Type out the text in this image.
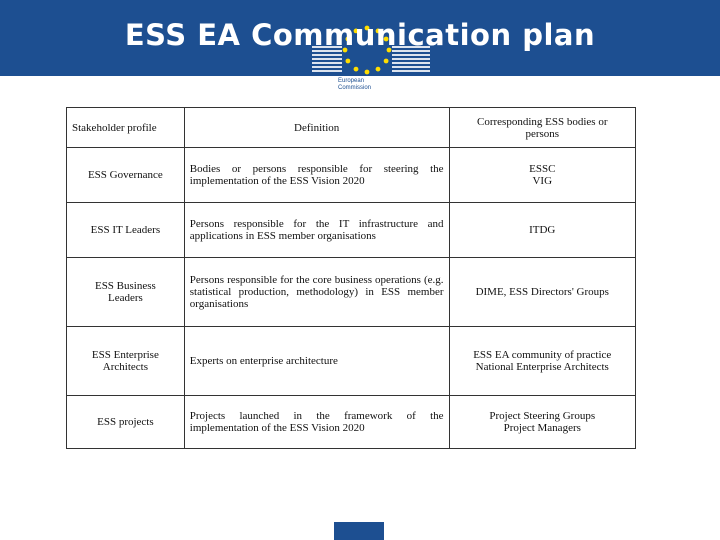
European
Commission
ESS EA Communication plan
Stakeholder profile	Definition	Corresponding ESS bodies or
persons

ESS Governance	Bodies or persons responsible for steering the implementation of the ESS Vision 2020	ESSC
VIG

ESS IT Leaders	Persons responsible for the IT infrastructure and applications in ESS member organisations	ITDG

ESS Business
Leaders	Persons responsible for the core business operations (e.g. statistical production, methodology) in ESS member organisations	DIME, ESS Directors' Groups

ESS Enterprise
Architects	Experts on enterprise architecture	ESS EA community of practice
National Enterprise Architects

ESS projects	Projects launched in the framework of the implementation of the ESS Vision 2020	Project Steering Groups
Project Managers
